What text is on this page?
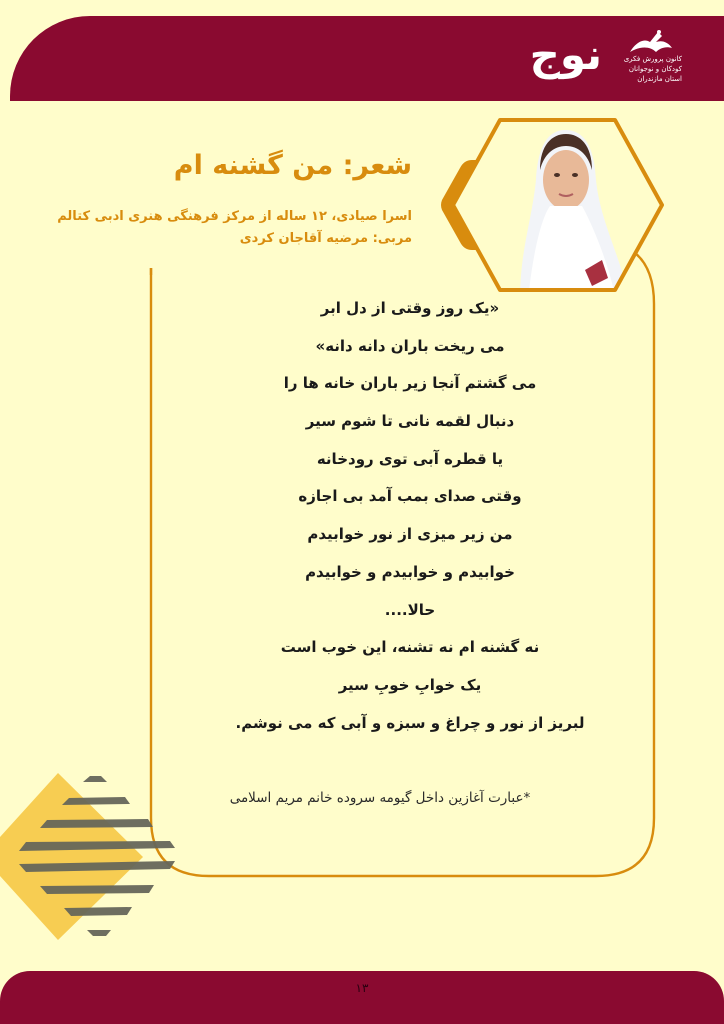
نوج	کانون پرورش فکری
کودکان و نوجوانان
استان مازندران
شعر: من گشنه ام
اسرا صیادی، ۱۲ ساله از مرکز فرهنگی هنری ادبی کتالم
مربی: مرضیه آقاجان کردی
«یک روز وقتی از دل ابر
می ریخت باران دانه دانه»
می گشتم آنجا زیر باران خانه ها را
دنبال لقمه نانی تا شوم سیر
یا قطره آبی توی رودخانه
وقتی صدای بمب آمد بی اجازه
من زیر میزی از نور خوابیدم
خوابیدم و خوابیدم و خوابیدم
حالا....
نه گشنه ام نه تشنه، این خوب است
یک خوابِ خوبِ سیر
لبریز از نور و چراغ و سبزه و آبی که می نوشم.
*عبارت آغازین داخل گیومه سروده خانم مریم اسلامی
۱۳
